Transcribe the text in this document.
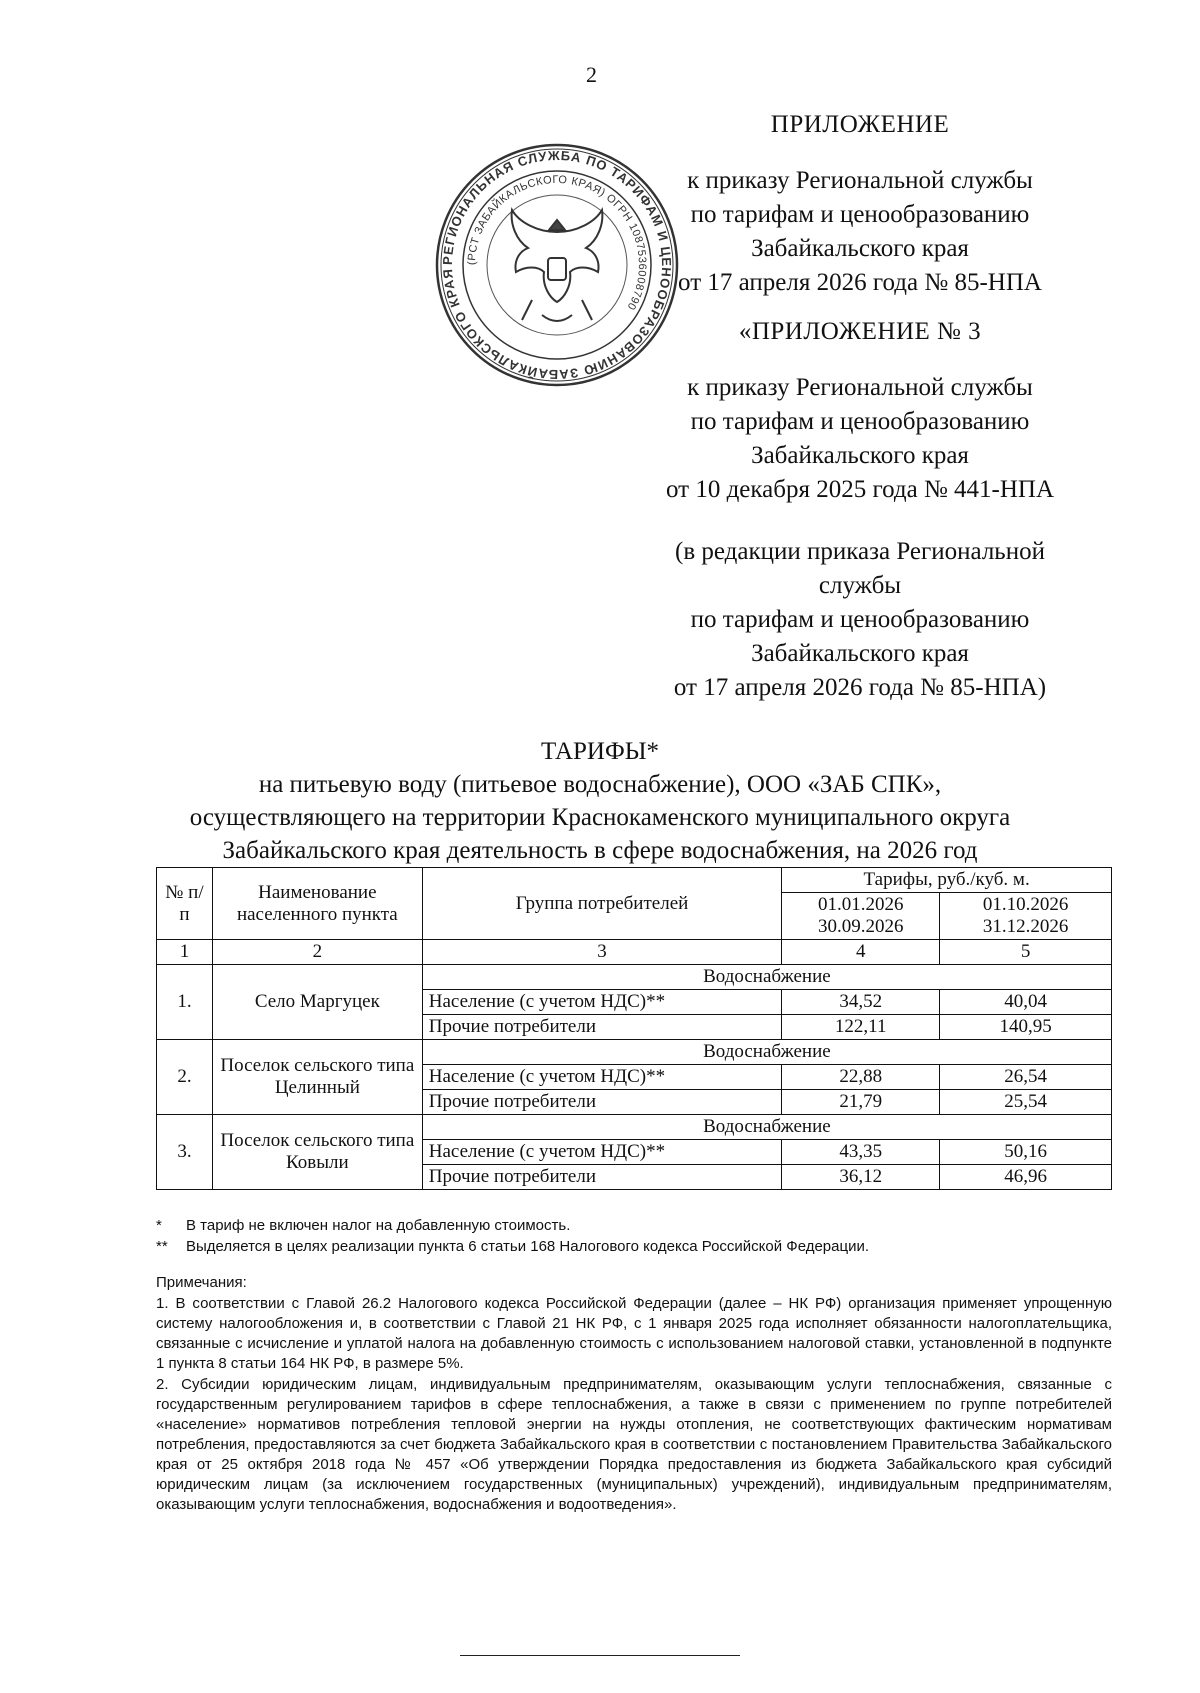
2
РЕГИОНАЛЬНАЯ СЛУЖБА ПО ТАРИФАМ И ЦЕНООБРАЗОВАНИЮ ЗАБАЙКАЛЬСКОГО КРАЯ
(РСТ ЗАБАЙКАЛЬСКОГО КРАЯ) ОГРН 1087536008790
ПРИЛОЖЕНИЕ
к приказу Региональной службы
по тарифам и ценообразованию
Забайкальского края
от 17 апреля 2026 года № 85-НПА
«ПРИЛОЖЕНИЕ № 3
к приказу Региональной службы
по тарифам и ценообразованию
Забайкальского края
от 10 декабря 2025 года № 441-НПА
(в редакции приказа Региональной
службы
по тарифам и ценообразованию
Забайкальского края
от 17 апреля 2026 года № 85-НПА)
ТАРИФЫ*
на питьевую воду (питьевое водоснабжение), ООО «ЗАБ СПК»,
осуществляющего на территории Краснокаменского муниципального округа
Забайкальского края деятельность в сфере водоснабжения, на 2026 год
№ п/п	Наименование населенного пункта	Группа потребителей	Тарифы, руб./куб. м.	
			01.01.2026 30.09.2026	01.10.2026 31.12.2026
1	2	3	4	5
1.	Село Маргуцек	Водоснабжение		
		Население (с учетом НДС)**	34,52	40,04
		Прочие потребители	122,11	140,95
2.	Поселок сельского типа Целинный	Водоснабжение		
		Население (с учетом НДС)**	22,88	26,54
		Прочие потребители	21,79	25,54
3.	Поселок сельского типа Ковыли	Водоснабжение		
		Население (с учетом НДС)**	43,35	50,16
		Прочие потребители	36,12	46,96
*	В тариф не включен налог на добавленную стоимость.
**	Выделяется в целях реализации пункта 6 статьи 168 Налогового кодекса Российской Федерации.

Примечания:

1. В соответствии с Главой 26.2 Налогового кодекса Российской Федерации (далее – НК РФ) организация применяет упрощенную систему налогообложения и, в соответствии с Главой 21 НК РФ, с 1 января 2025 года исполняет обязанности налогоплательщика, связанные с исчисление и уплатой налога на добавленную стоимость с использованием налоговой ставки, установленной в подпункте 1 пункта 8 статьи 164 НК РФ, в размере 5%.

2. Субсидии юридическим лицам, индивидуальным предпринимателям, оказывающим услуги теплоснабжения, связанные с государственным регулированием тарифов в сфере теплоснабжения, а также в связи с применением по группе потребителей «население» нормативов потребления тепловой энергии на нужды отопления, не соответствующих фактическим нормативам потребления, предоставляются за счет бюджета Забайкальского края в соответствии с постановлением Правительства Забайкальского края от 25 октября 2018 года № 457 «Об утверждении Порядка предоставления из бюджета Забайкальского края субсидий юридическим лицам (за исключением государственных (муниципальных) учреждений), индивидуальным предпринимателям, оказывающим услуги теплоснабжения, водоснабжения и водоотведения».
